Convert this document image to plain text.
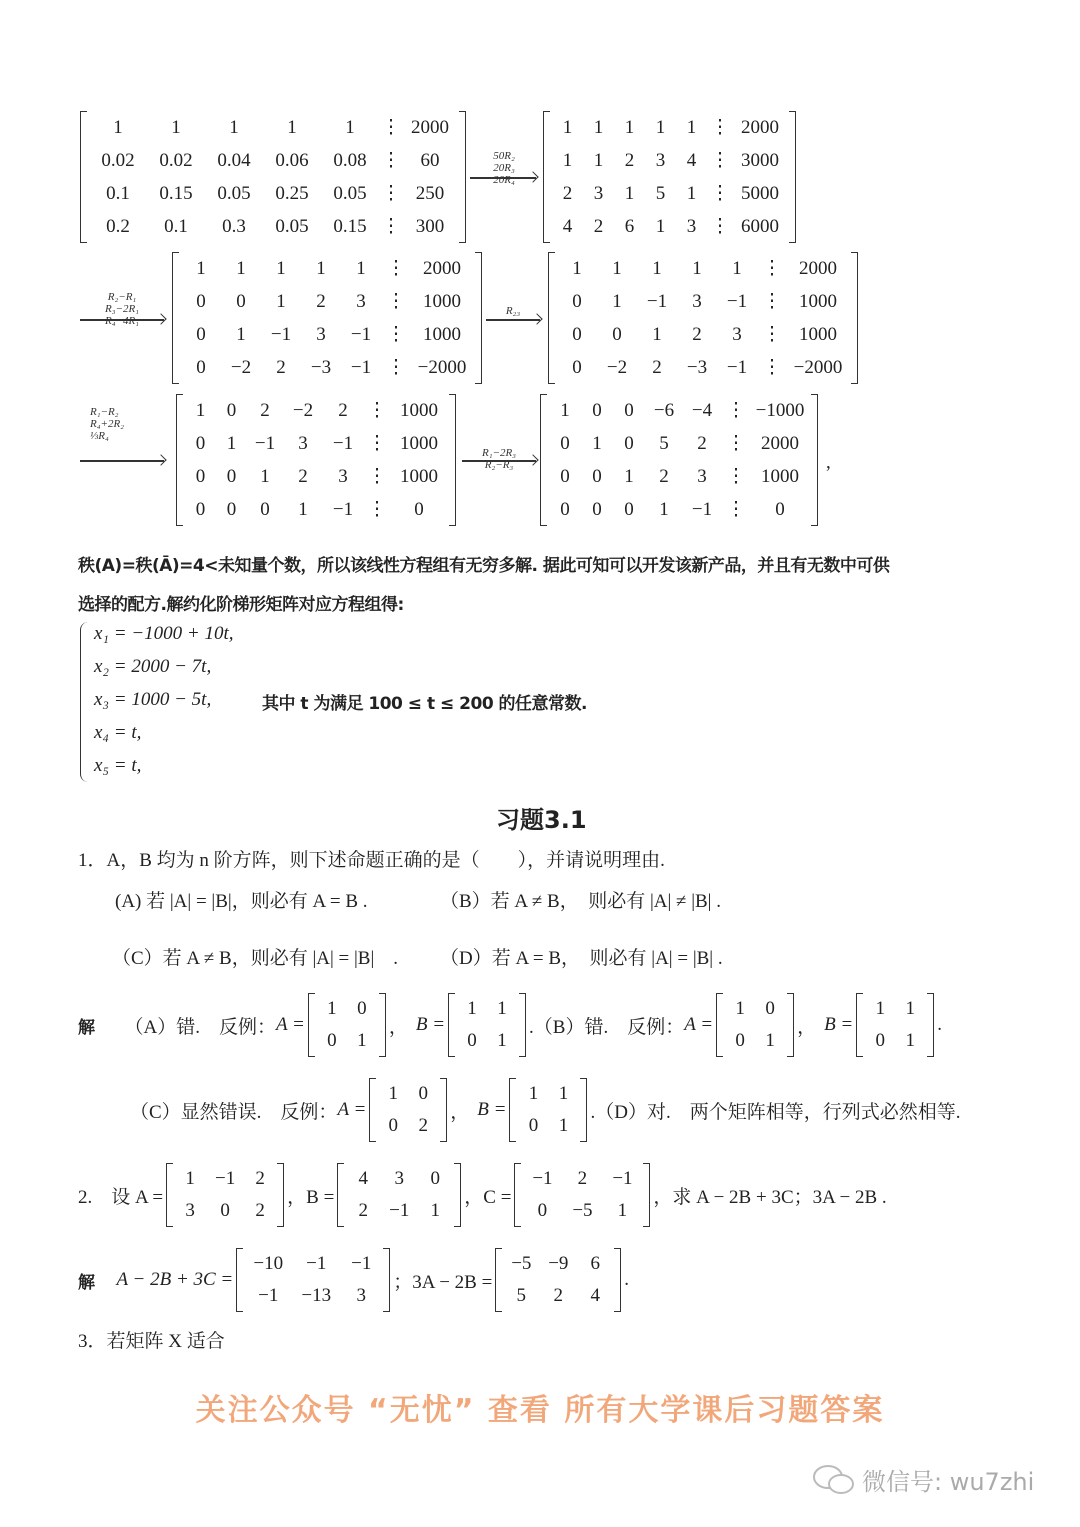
关注公众号 “无忧” 查看 所有大学课后习题答案
1	1	1	1	1 ⋮ 2000
0.02 0.02 0.04 0.06 0.08 ⋮ 60
0.1 0.15 0.05 0.25 0.05 ⋮ 250
0.2 0.1 0.3 0.05 0.15 ⋮ 300
50R₂
20R₃
20R₄
1 1 1 1 1 ⋮ 2000
1 1 2 3 4 ⋮ 3000
2 3 1 5 1 ⋮ 5000
4 2 6 1 3 ⋮ 6000
R₂−R₁
R₃−2R₁
R₄−4R₁
1 1 1 1 1 ⋮ 2000
0 0 1 2 3 ⋮ 1000
0 1 −1 3 −1 ⋮ 1000
0 −2 2 −3 −1 ⋮ −2000
R₂₃
1 1 1 1 1 ⋮ 2000
0 1 −1 3 −1 ⋮ 1000
0 0 1 2 3 ⋮ 1000
0 −2 2 −3 −1 ⋮ −2000
R₁−R₂
R₄+2R₂
⅓R₄
1 0 2 −2 2 ⋮ 1000
0 1 −1 3 −1 ⋮ 1000
0 0 1 2 3 ⋮ 1000
0 0 0 1 −1 ⋮ 0
R₁−2R₃
R₂−R₃
1 0 0 −6 −4 ⋮ −1000
0 1 0 5 2 ⋮ 2000
0 0 1 2 3 ⋮ 1000
0 0 0 1 −1 ⋮ 0
,
秩(A)=秩(Ā)=4<未知量个数，所以该线性方程组有无穷多解. 据此可知可以开发该新产品，并且有无数中可供
选择的配方.解约化阶梯形矩阵对应方程组得:
x₁ = −1000 + 10t,
x₂ = 2000 − 7t,
x₃ = 1000 − 5t,
x₄ = t,
x₅ = t,
其中 t 为满足 100 ≤ t ≤ 200 的任意常数.
习题3.1
1．A，B 均为 n 阶方阵，则下述命题正确的是（　　），并请说明理由.
(A) 若 |A| = |B|，则必有 A = B .	（B）若 A ≠ B，　则必有 |A| ≠ |B| .
（C）若 A ≠ B，则必有 |A| = |B|　. （D）若 A = B，　则必有 |A| = |B| .
解 （A）错.　反例： A =
1 0
0 1
， B =
1 1
0 1
.（B）错.　反例： A =
1 0
0 1
， B =
1 1
0 1
.
（C）显然错误.　反例： A =
1 0
0 2
， B =
1 1
0 1
.（D）对.　两个矩阵相等，行列式必然相等.
2.　设 A =
1 −1 2
3 0 2
，B =
4 3 0
2 −1 1
，C =
−1 2 −1
0 −5 1
，求 A − 2B + 3C；3A − 2B .
解 A − 2B + 3C =
−10 −1 −1
−1 −13 3
；3A − 2B =
−5 −9 6
5 2 4
.
3．若矩阵 X 适合
微信号: wu7zhi
